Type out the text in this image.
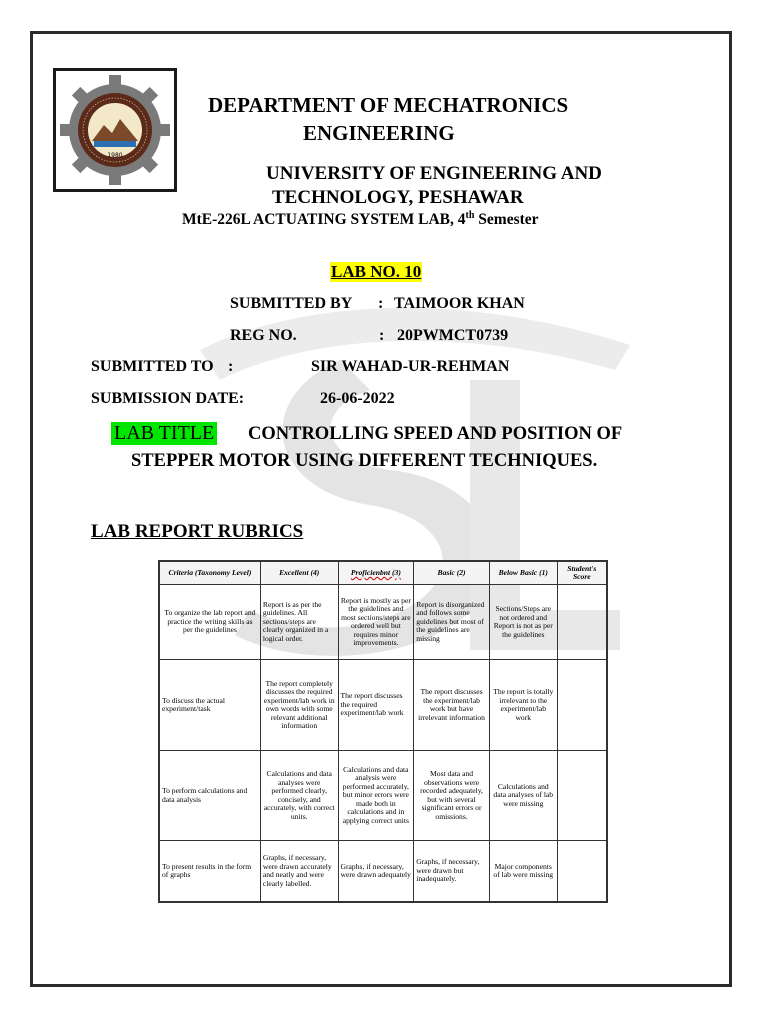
1980
DEPARTMENT OF MECHATRONICS
ENGINEERING
UNIVERSITY OF ENGINEERING AND
TECHNOLOGY, PESHAWAR
MtE-226L ACTUATING SYSTEM LAB, 4th Semester
LAB NO. 10
SUBMITTED BY : TAIMOOR KHAN
REG NO.	: 20PWMCT0739
SUBMITTED TO :	SIR WAHAD-UR-REHMAN
SUBMISSION DATE:	26-06-2022
LAB TITLE CONTROLLING SPEED AND POSITION OF
STEPPER MOTOR USING DIFFERENT TECHNIQUES.
LAB REPORT RUBRICS
Criteria (Taxonomy Level)	Excellent (4)	Proficienbnt (3)	Basic (2)	Below Basic (1)	Student's Score
To organize the lab report and practice the writing skills as per the guidelines	Report is as per the guidelines. All sections/steps are clearly organized in a logical order.	Report is mostly as per the guidelines and most sections/steps are ordered well but requires minor improvements.	Report is disorganized and follows some guidelines but most of the guidelines are missing	Sections/Steps are not ordered and Report is not as per the guidelines	
To discuss the actual experiment/task	The report completely discusses the required experiment/lab work in own words with some relevant additional information	The report discusses the required experiment/lab work	The report discusses the experiment/lab work but have irrelevant information	The report is totally irrelevant to the experiment/lab work	
To perform calculations and data analysis	Calculations and data analyses were performed clearly, concisely, and accurately, with correct units.	Calculations and data analysis were performed accurately, but minor errors were made both in calculations and in applying correct units	Most data and observations were recorded adequately, but with several significant errors or omissions.	Calculations and data analyses of lab were missing	
To present results in the form of graphs	Graphs, if necessary, were drawn accurately and neatly and were clearly labelled.	Graphs, if necessary, were drawn adequately	Graphs, if necessary, were drawn but inadequately.	Major components of lab were missing	
